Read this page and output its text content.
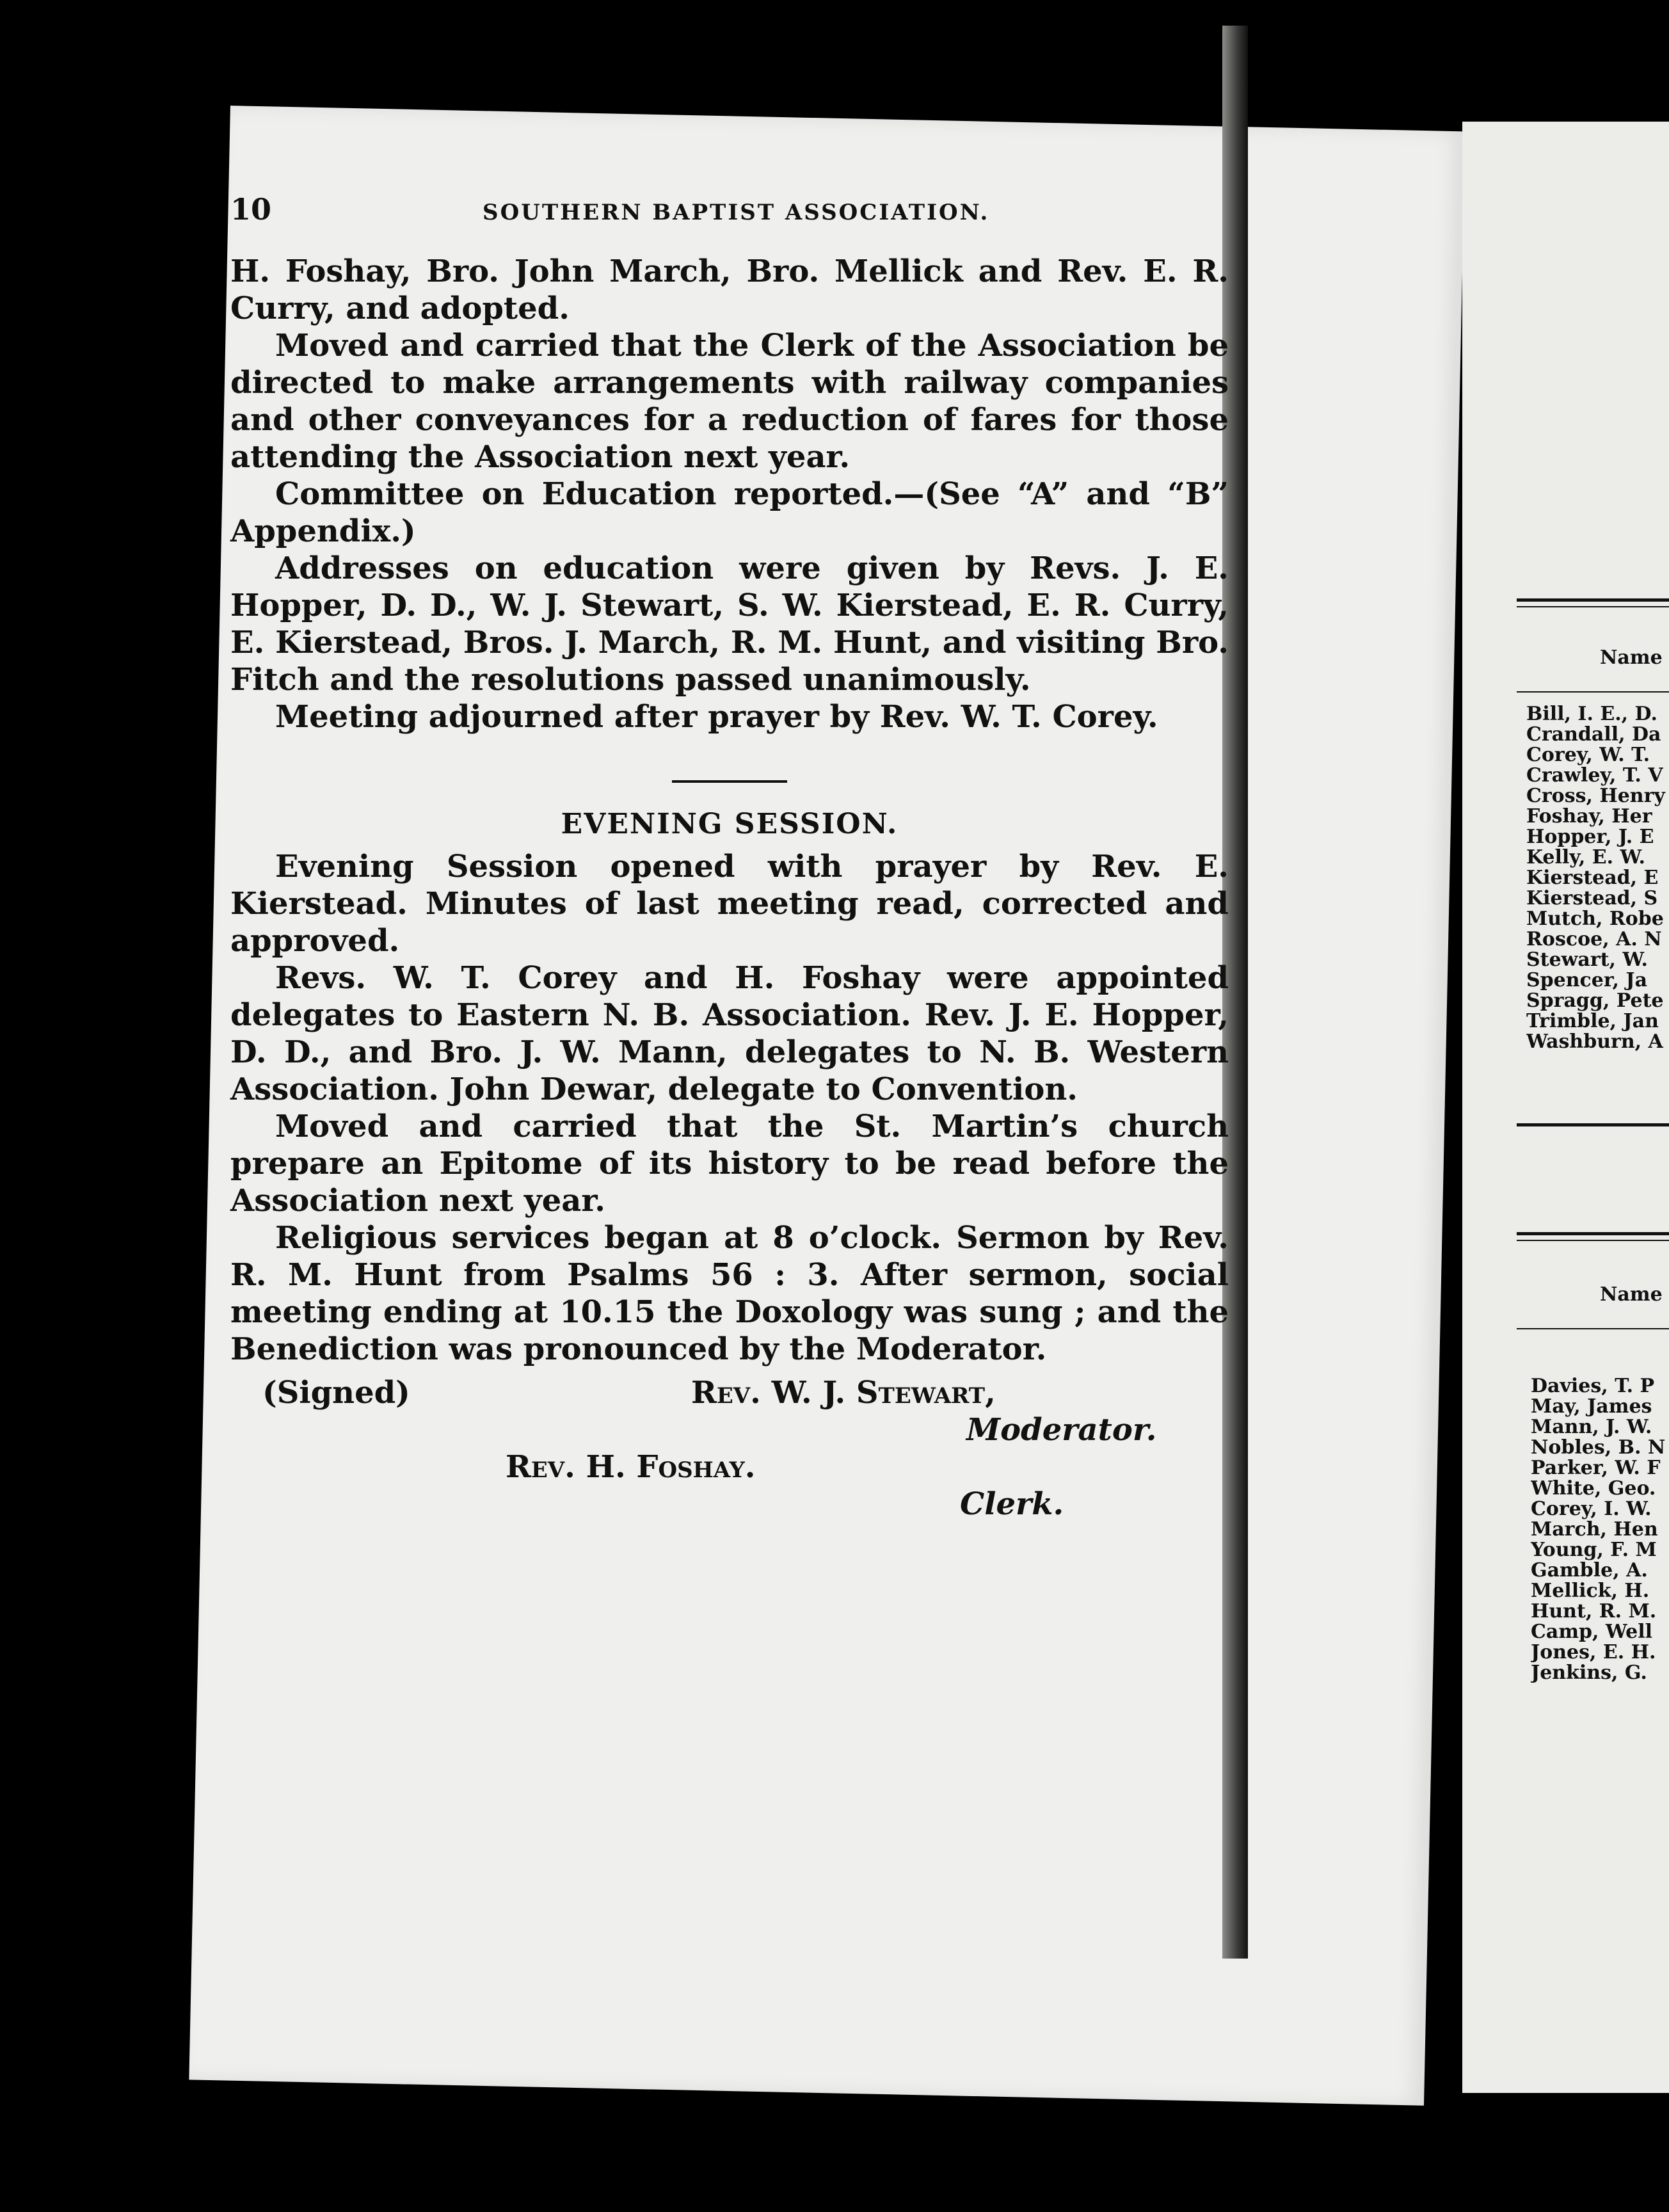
10	SOUTHERN BAPTIST ASSOCIATION.

H. Foshay, Bro. John March, Bro. Mellick and Rev. E. R. Curry, and adopted.

Moved and carried that the Clerk of the Association be directed to make arrangements with railway companies and other conveyances for a reduction of fares for those attending the Association next year.

Committee on Education reported.—(See “A” and “B” Appendix.)

Addresses on education were given by Revs. J. E. Hopper, D. D., W. J. Stewart, S. W. Kierstead, E. R. Curry, E. Kierstead, Bros. J. March, R. M. Hunt, and visiting Bro. Fitch and the resolutions passed unanimously.

Meeting adjourned after prayer by Rev. W. T. Corey.

EVENING SESSION.

Evening Session opened with prayer by Rev. E. Kierstead. Minutes of last meeting read, corrected and approved.

Revs. W. T. Corey and H. Foshay were appointed delegates to Eastern N. B. Association. Rev. J. E. Hopper, D. D., and Bro. J. W. Mann, delegates to N. B. Western Association. John Dewar, delegate to Convention.

Moved and carried that the St. Martin’s church prepare an Epitome of its history to be read before the Association next year.

Religious services began at 8 o’clock. Sermon by Rev. R. M. Hunt from Psalms 56 : 3. After sermon, social meeting ending at 10.15 the Doxology was sung ; and the Benediction was pronounced by the Moderator.

(Signed)	Rev. W. J. Stewart,
Moderator.
Rev. H. Foshay.
Clerk.
Name
Bill, I. E., D.
Crandall, Da
Corey, W. T.
Crawley, T. V
Cross, Henry
Foshay, Her
Hopper, J. E
Kelly, E. W.
Kierstead, E
Kierstead, S
Mutch, Robe
Roscoe, A. N
Stewart, W.
Spencer, Ja
Spragg, Pete
Trimble, Jan
Washburn, A
Name
Davies, T. P
May, James
Mann, J. W.
Nobles, B. N
Parker, W. F
White, Geo.
Corey, I. W.
March, Hen
Young, F. M
Gamble, A.
Mellick, H.
Hunt, R. M.
Camp, Well
Jones, E. H.
Jenkins, G.
